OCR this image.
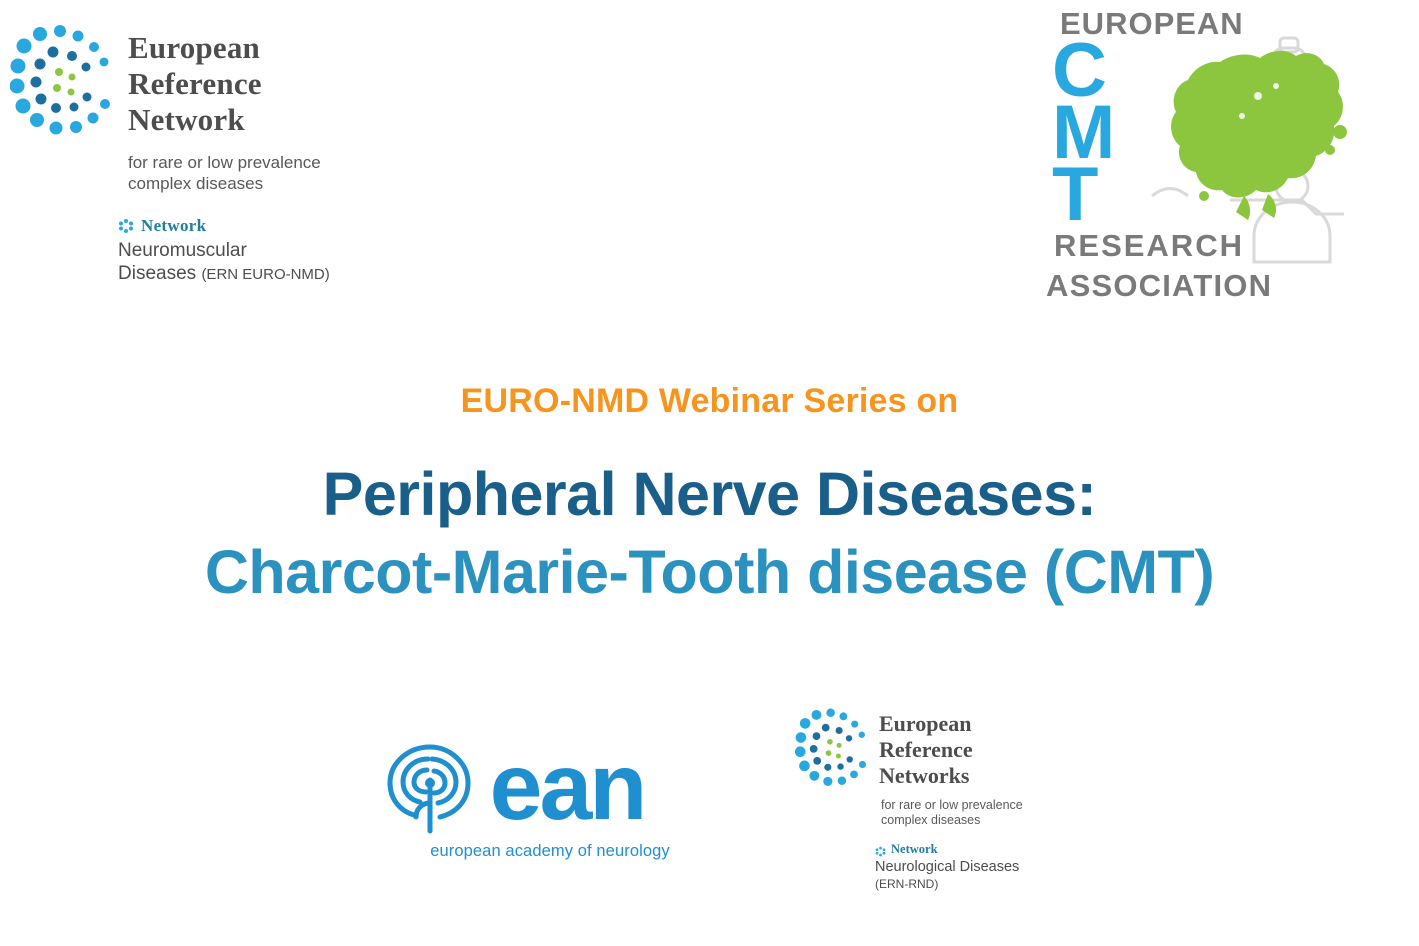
European
Reference
Network
for rare or low prevalence
complex diseases
Network
Neuromuscular
Diseases (ERN EURO-NMD)
EUROPEAN
C
M
T
RESEARCH
ASSOCIATION
EURO-NMD Webinar Series on
Peripheral Nerve Diseases:
Charcot-Marie-Tooth disease (CMT)
ean
european academy of neurology
European
Reference
Networks
for rare or low prevalence
complex diseases
Network
Neurological Diseases
(ERN-RND)
